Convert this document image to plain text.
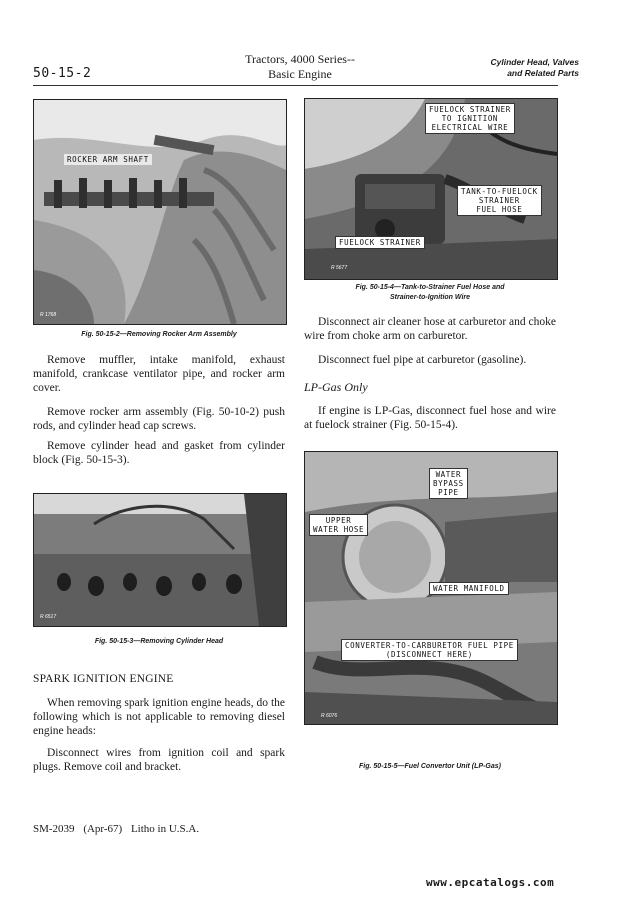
50-15-2
Tractors, 4000 Series--
Basic Engine
Cylinder Head, Valves
and Related Parts
ROCKER ARM SHAFT
R 1768
Fig. 50-15-2—Removing Rocker Arm Assembly
Remove muffler, intake manifold, exhaust manifold, crankcase ventilator pipe, and rocker arm cover.
Remove rocker arm assembly (Fig. 50-10-2) push rods, and cylinder head cap screws.
Remove cylinder head and gasket from cylinder block (Fig. 50-15-3).
R 6517
Fig. 50-15-3—Removing Cylinder Head
SPARK IGNITION ENGINE
When removing spark ignition engine heads, do the following which is not applicable to removing diesel engine heads:
Disconnect wires from ignition coil and spark plugs. Remove coil and bracket.
FUELOCK STRAINER
TO IGNITION
ELECTRICAL WIRE
TANK-TO-FUELOCK
STRAINER
FUEL HOSE
FUELOCK STRAINER
R 5677
Fig. 50-15-4—Tank-to-Strainer Fuel Hose and
Strainer-to-Ignition Wire
Disconnect air cleaner hose at carburetor and choke wire from choke arm on carburetor.
Disconnect fuel pipe at carburetor (gasoline).
LP-Gas Only
If engine is LP-Gas, disconnect fuel hose and wire at fuelock strainer (Fig. 50-15-4).
WATER
BYPASS
PIPE
UPPER
WATER HOSE
WATER MANIFOLD
CONVERTER-TO-CARBURETOR FUEL PIPE
(DISCONNECT HERE)
R 6076
Fig. 50-15-5—Fuel Convertor Unit (LP-Gas)
SM-2039 (Apr-67) Litho in U.S.A.
www.epcatalogs.com
